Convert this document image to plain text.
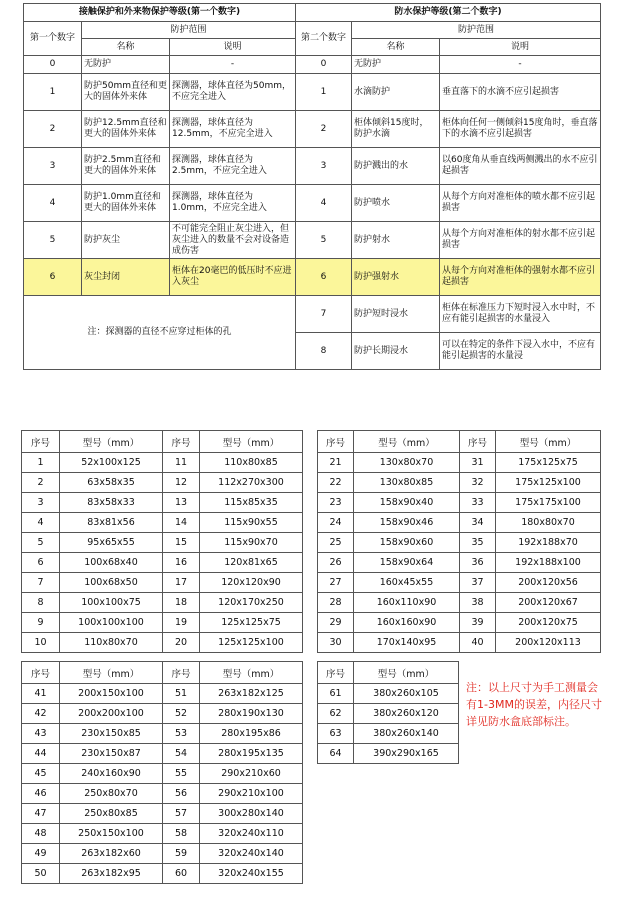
接触保护和外来物保护等级(第一个数字)			防水保护等级(第二个数字)		
第一个数字	防护范围		第二个数字	防护范围	
	名称	说明		名称	说明
0	无防护	-	0	无防护	-
1	防护50mm直径和更大的固体外来体	探测器，球体直径为50mm，不应完全进入	1	水滴防护	垂直落下的水滴不应引起损害
2	防护12.5mm直径和更大的固体外来体	探测器，球体直径为12.5mm，不应完全进入	2	柜体倾斜15度时，防护水滴	柜体向任何一侧倾斜15度角时，垂直落下的水滴不应引起损害
3	防护2.5mm直径和更大的固体外来体	探测器，球体直径为2.5mm，不应完全进入	3	防护溅出的水	以60度角从垂直线两侧溅出的水不应引起损害
4	防护1.0mm直径和更大的固体外来体	探测器，球体直径为1.0mm，不应完全进入	4	防护喷水	从每个方向对准柜体的喷水都不应引起损害
5	防护灰尘	不可能完全阻止灰尘进入，但灰尘进入的数量不会对设备造成伤害	5	防护射水	从每个方向对准柜体的射水都不应引起损害
6	灰尘封闭	柜体在20毫巴的低压时不应进入灰尘	6	防护强射水	从每个方向对准柜体的强射水都不应引起损害
注：探测器的直径不应穿过柜体的孔			7	防护短时浸水	柜体在标准压力下短时浸入水中时，不应有能引起损害的水量浸入
			8	防护长期浸水	可以在特定的条件下浸入水中，不应有能引起损害的水量浸
序号	型号（mm）	序号	型号（mm）
1	52x100x125	11	110x80x85
2	63x58x35	12	112x270x300
3	83x58x33	13	115x85x35
4	83x81x56	14	115x90x55
5	95x65x55	15	115x90x70
6	100x68x40	16	120x81x65
7	100x68x50	17	120x120x90
8	100x100x75	18	120x170x250
9	100x100x100	19	125x125x75
10	110x80x70	20	125x125x100
序号	型号（mm）	序号	型号（mm）
21	130x80x70	31	175x125x75
22	130x80x85	32	175x125x100
23	158x90x40	33	175x175x100
24	158x90x46	34	180x80x70
25	158x90x60	35	192x188x70
26	158x90x64	36	192x188x100
27	160x45x55	37	200x120x56
28	160x110x90	38	200x120x67
29	160x160x90	39	200x120x75
30	170x140x95	40	200x120x113
序号	型号（mm）	序号	型号（mm）
41	200x150x100	51	263x182x125
42	200x200x100	52	280x190x130
43	230x150x85	53	280x195x86
44	230x150x87	54	280x195x135
45	240x160x90	55	290x210x60
46	250x80x70	56	290x210x100
47	250x80x85	57	300x280x140
48	250x150x100	58	320x240x110
49	263x182x60	59	320x240x140
50	263x182x95	60	320x240x155
序号	型号（mm）
61	380x260x105
62	380x260x120
63	380x260x140
64	390x290x165
注：以上尺寸为手工测量会有1-3MM的误差，内径尺寸详见防水盒底部标注。
